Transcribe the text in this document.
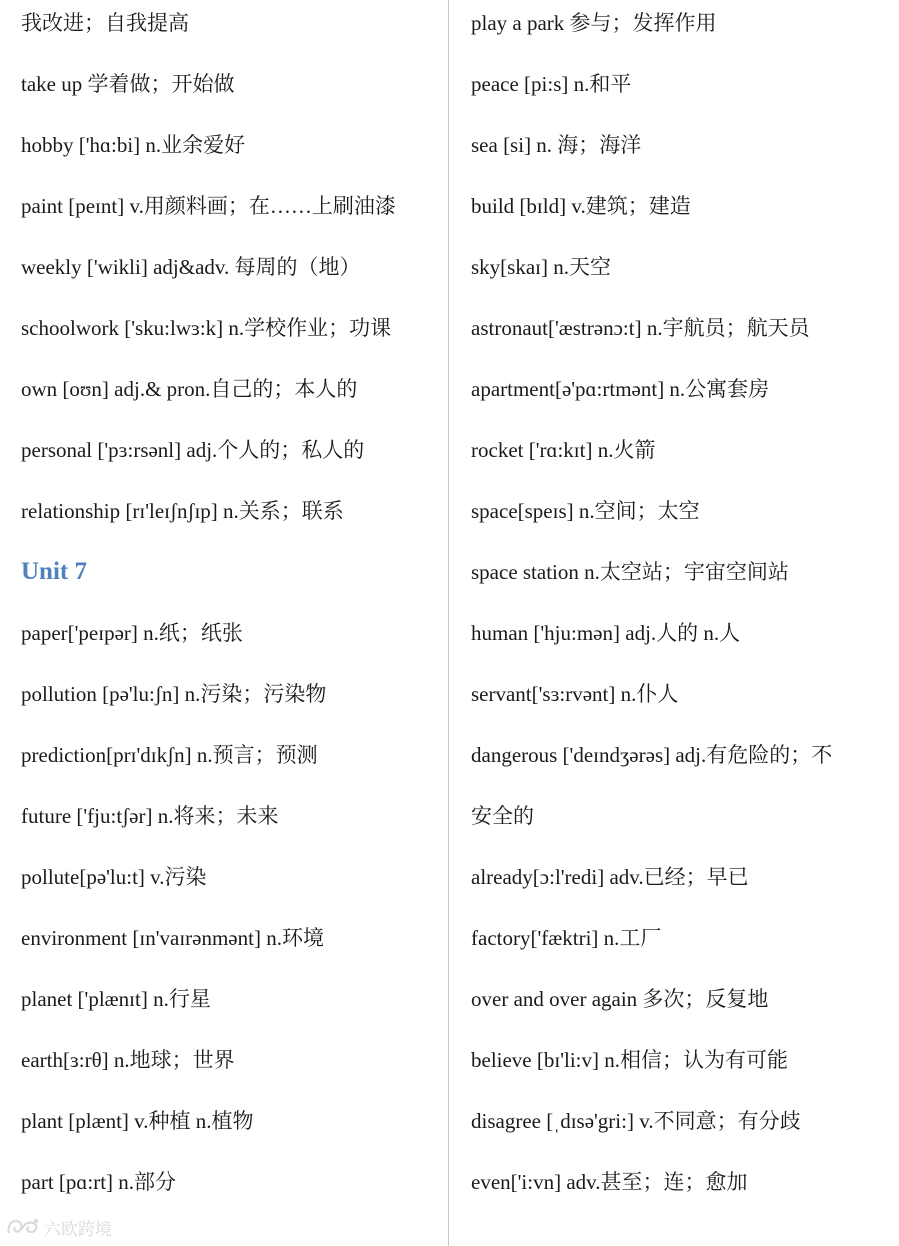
我改进；自我提高
take up 学着做；开始做
hobby ['hɑ:bi] n.业余爱好
paint [peɪnt] v.用颜料画；在……上刷油漆
weekly ['wikli] adj&adv. 每周的（地）
schoolwork ['sku:lwɜ:k] n.学校作业；功课
own [oʊn] adj.& pron.自己的；本人的
personal ['pɜ:rsənl] adj.个人的；私人的
relationship [rɪ'leɪʃnʃɪp] n.关系；联系
Unit 7
paper['peɪpər] n.纸；纸张
pollution [pə'lu:ʃn] n.污染；污染物
prediction[prɪ'dɪkʃn] n.预言；预测
future ['fju:tʃər] n.将来；未来
pollute[pə'lu:t] v.污染
environment [ɪn'vaɪrənmənt] n.环境
planet ['plænɪt] n.行星
earth[ɜ:rθ] n.地球；世界
plant [plænt] v.种植 n.植物
part [pɑ:rt] n.部分
play a park 参与；发挥作用
peace [pi:s] n.和平
sea [si] n. 海；海洋
build [bɪld] v.建筑；建造
sky[skaɪ] n.天空
astronaut['æstrənɔ:t] n.宇航员；航天员
apartment[ə'pɑ:rtmənt] n.公寓套房
rocket ['rɑ:kɪt] n.火箭
space[speɪs] n.空间；太空
space station n.太空站；宇宙空间站
human ['hju:mən] adj.人的 n.人
servant['sɜ:rvənt] n.仆人
dangerous ['deɪndʒərəs] adj.有危险的；不
安全的
already[ɔ:l'redi] adv.已经；早已
factory['fæktri] n.工厂
over and over again 多次；反复地
believe [bɪ'li:v] n.相信；认为有可能
disagree [ˌdɪsə'gri:] v.不同意；有分歧
even['i:vn] adv.甚至；连；愈加
六欧跨境
